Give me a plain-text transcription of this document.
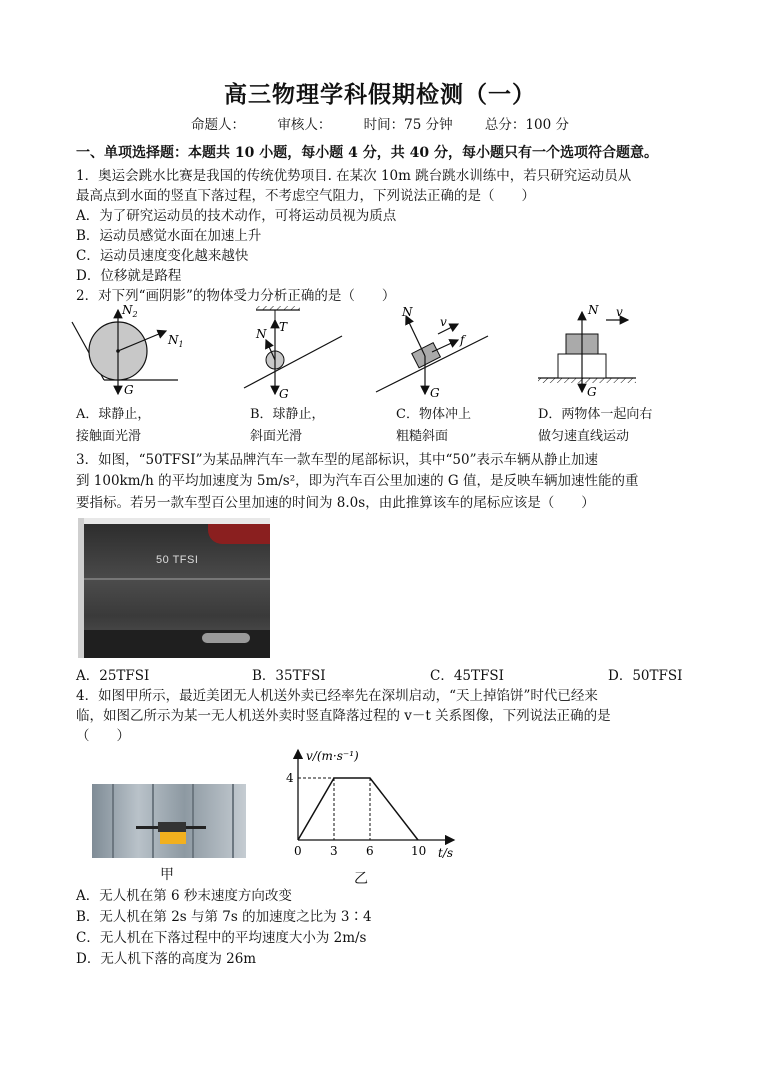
高三物理学科假期检测（一）
命题人： 审核人： 时间：75 分钟 总分：100 分
一、单项选择题：本题共 10 小题，每小题 4 分，共 40 分，每小题只有一个选项符合题意。
1．奥运会跳水比赛是我国的传统优势项目. 在某次 10m 跳台跳水训练中，若只研究运动员从
最高点到水面的竖直下落过程，不考虑空气阻力，下列说法正确的是（　　）
A．为了研究运动员的技术动作，可将运动员视为质点
B．运动员感觉水面在加速上升
C．运动员速度变化越来越快
D．位移就是路程
2．对下列“画阴影”的物体受力分析正确的是（　　）
$N_2$
$N_1$
G
T
N
G
N
v
f
G
N v
G
A．球静止，
接触面光滑
B．球静止，
斜面光滑
C．物体冲上
粗糙斜面
D．两物体一起向右
做匀速直线运动
3．如图，“50TFSI”为某品牌汽车一款车型的尾部标识，其中“50”表示车辆从静止加速
到 100km/h 的平均加速度为 5m/s²，即为汽车百公里加速的 G 值，是反映车辆加速性能的重
要指标。若另一款车型百公里加速的时间为 8.0s，由此推算该车的尾标应该是（　　）
50 TFSI
A．25TFSI	B．35TFSI	C．45TFSI	D．50TFSI
4．如图甲所示，最近美团无人机送外卖已经率先在深圳启动，“天上掉馅饼”时代已经来
临，如图乙所示为某一无人机送外卖时竖直降落过程的 v－t 关系图像，下列说法正确的是
（　　）
甲
0 3 6	10
4
v/(m·s⁻¹)
t/s
乙
A．无人机在第 6 秒末速度方向改变
B．无人机在第 2s 与第 7s 的加速度之比为 3∶4
C．无人机在下落过程中的平均速度大小为 2m/s
D．无人机下落的高度为 26m
